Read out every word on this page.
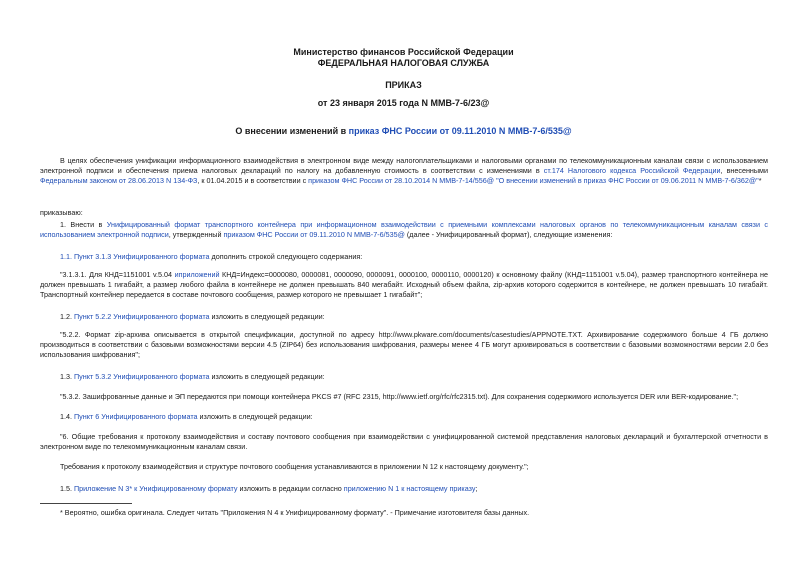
Министерство финансов Российской Федерации
ФЕДЕРАЛЬНАЯ НАЛОГОВАЯ СЛУЖБА
ПРИКАЗ
от 23 января 2015 года N ММВ-7-6/23@
О внесении изменений в приказ ФНС России от 09.11.2010 N ММВ-7-6/535@
В целях обеспечения унификации информационного взаимодействия в электронном виде между налогоплательщиками и налоговыми органами по телекоммуникационным каналам связи с использованием электронной подписи и обеспечения приема налоговых деклараций по налогу на добавленную стоимость в соответствии с изменениями в ст.174 Налогового кодекса Российской Федерации, внесенными Федеральным законом от 28.06.2013 N 134-ФЗ, к 01.04.2015 и в соответствии с приказом ФНС России от 28.10.2014 N ММВ-7-14/556@ "О внесении изменений в приказ ФНС России от 09.06.2011 N ММВ-7-6/362@"*
приказываю:
1. Внести в Унифицированный формат транспортного контейнера при информационном взаимодействии с приемными комплексами налоговых органов по телекоммуникационным каналам связи с использованием электронной подписи, утвержденный приказом ФНС России от 09.11.2010 N ММВ-7-6/535@ (далее - Унифицированный формат), следующие изменения:
1.1. Пункт 3.1.3 Унифицированного формата дополнить строкой следующего содержания:
"3.1.3.1. Для КНД=1151001 v.5.04 иприложений КНД=Индекс=0000080, 0000081, 0000090, 0000091, 0000100, 0000110, 0000120) к основному файлу (КНД=1151001 v.5.04), размер транспортного контейнера не должен превышать 1 гигабайт, а размер любого файла в контейнере не должен превышать 840 мегабайт. Исходный объем файла, zip-архив которого содержится в контейнере, не должен превышать 10 гигабайт. Транспортный контейнер передается в составе почтового сообщения, размер которого не превышает 1 гигабайт";
1.2. Пункт 5.2.2 Унифицированного формата изложить в следующей редакции:
"5.2.2. Формат zip-архива описывается в открытой спецификации, доступной по адресу http://www.pkware.com/documents/casestudies/APPNOTE.TXT. Архивирование содержимого больше 4 ГБ должно производиться в соответствии с базовыми возможностями версии 4.5 (ZIP64) без использования шифрования, размеры менее 4 ГБ могут архивироваться в соответствии с базовыми возможностями версии 2.0 без использования шифрования";
1.3. Пункт 5.3.2 Унифицированного формата изложить в следующей редакции:
"5.3.2. Зашифрованные данные и ЭП передаются при помощи контейнера PKCS #7 (RFC 2315, http://www.ietf.org/rfc/rfc2315.txt). Для сохранения содержимого используется DER или BER-кодирование.";
1.4. Пункт 6 Унифицированного формата изложить в следующей редакции:
"6. Общие требования к протоколу взаимодействия и составу почтового сообщения при взаимодействии с унифицированной системой представления налоговых деклараций и бухгалтерской отчетности в электронном виде по телекоммуникационным каналам связи.
Требования к протоколу взаимодействия и структуре почтового сообщения устанавливаются в приложении N 12 к настоящему документу.";
1.5. Приложение N 3* к Унифицированному формату изложить в редакции согласно приложению N 1 к настоящему приказу;
* Вероятно, ошибка оригинала. Следует читать "Приложения N 4 к Унифицированному формату". - Примечание изготовителя базы данных.
